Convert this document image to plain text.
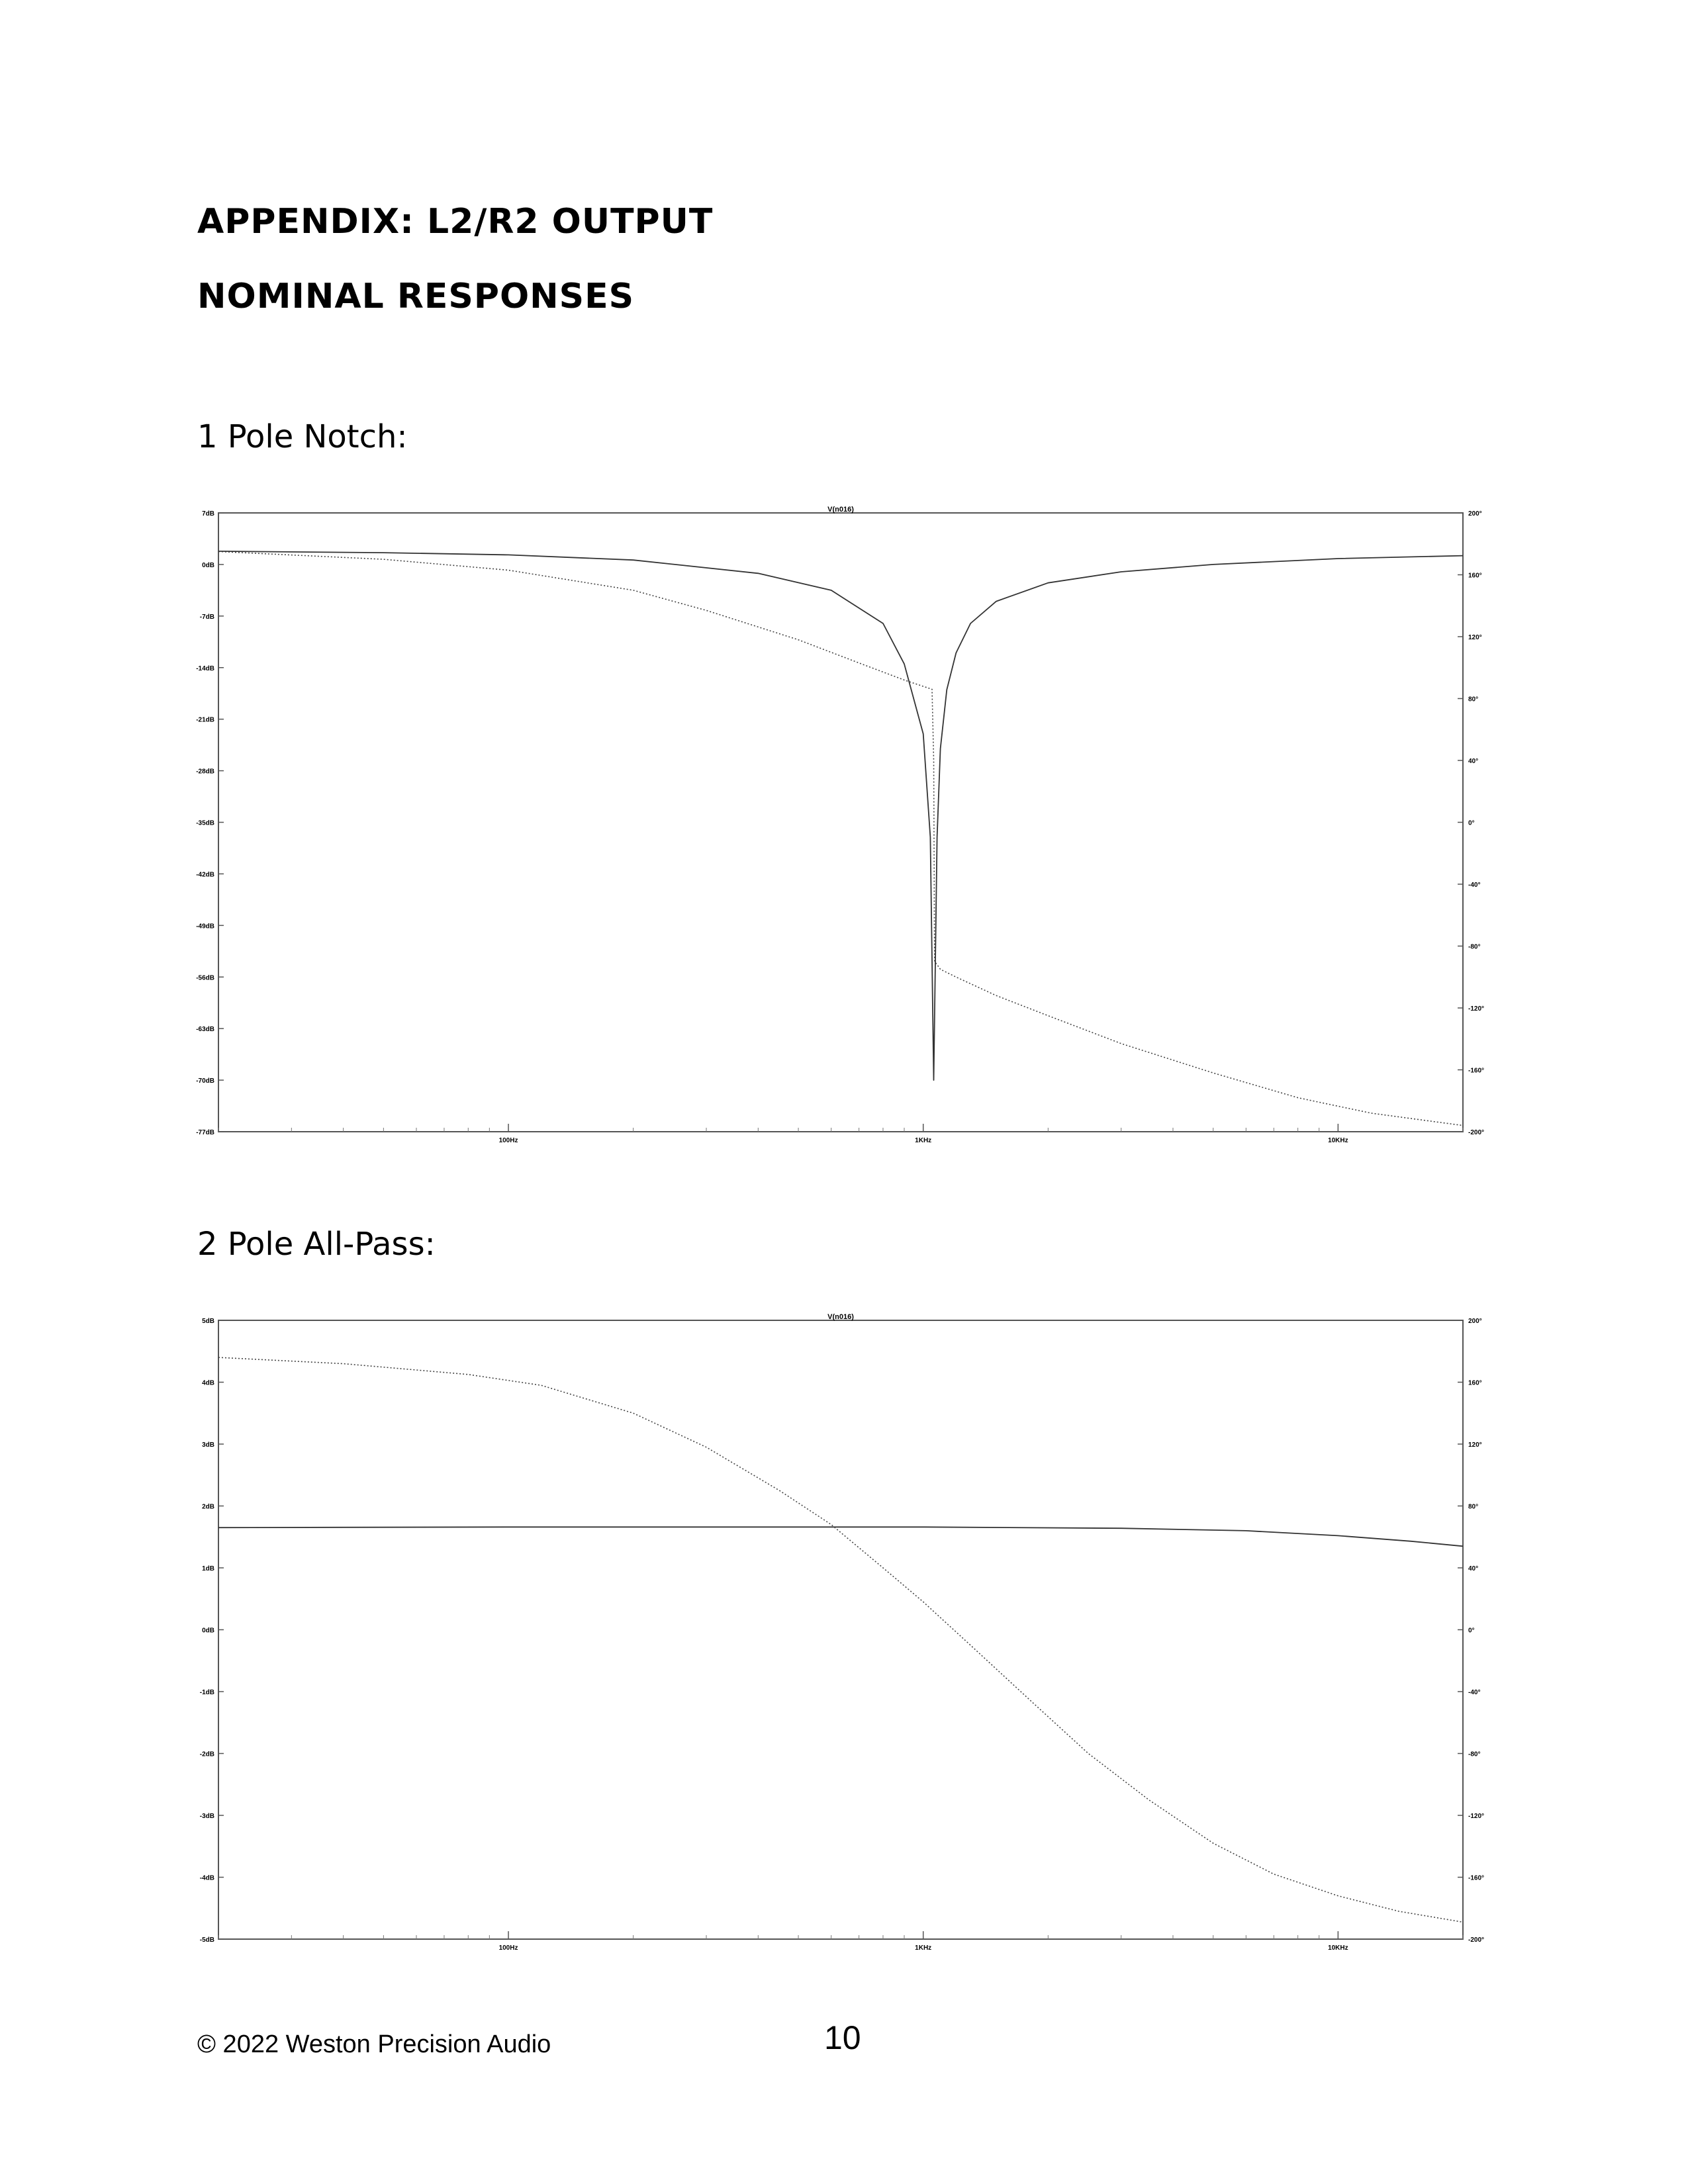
APPENDIX: L2/R2 OUTPUT
NOMINAL RESPONSES

1 Pole Notch:

V(n016)
7dB
0dB
-7dB
-14dB
-21dB
-28dB
-35dB
-42dB
-49dB
-56dB
-63dB
-70dB
-77dB
200°
160°
120°
80°
40°
0°
-40°
-80°
-120°
-160°
-200°
100Hz	1KHz	10KHz

2 Pole All-Pass:

V(n016)
5dB
4dB
3dB
2dB
1dB
0dB
-1dB
-2dB
-3dB
-4dB
-5dB
200°
160°
120°
80°
40°
0°
-40°
-80°
-120°
-160°
-200°
100Hz	1KHz	10KHz
© 2022 Weston Precision Audio	10
